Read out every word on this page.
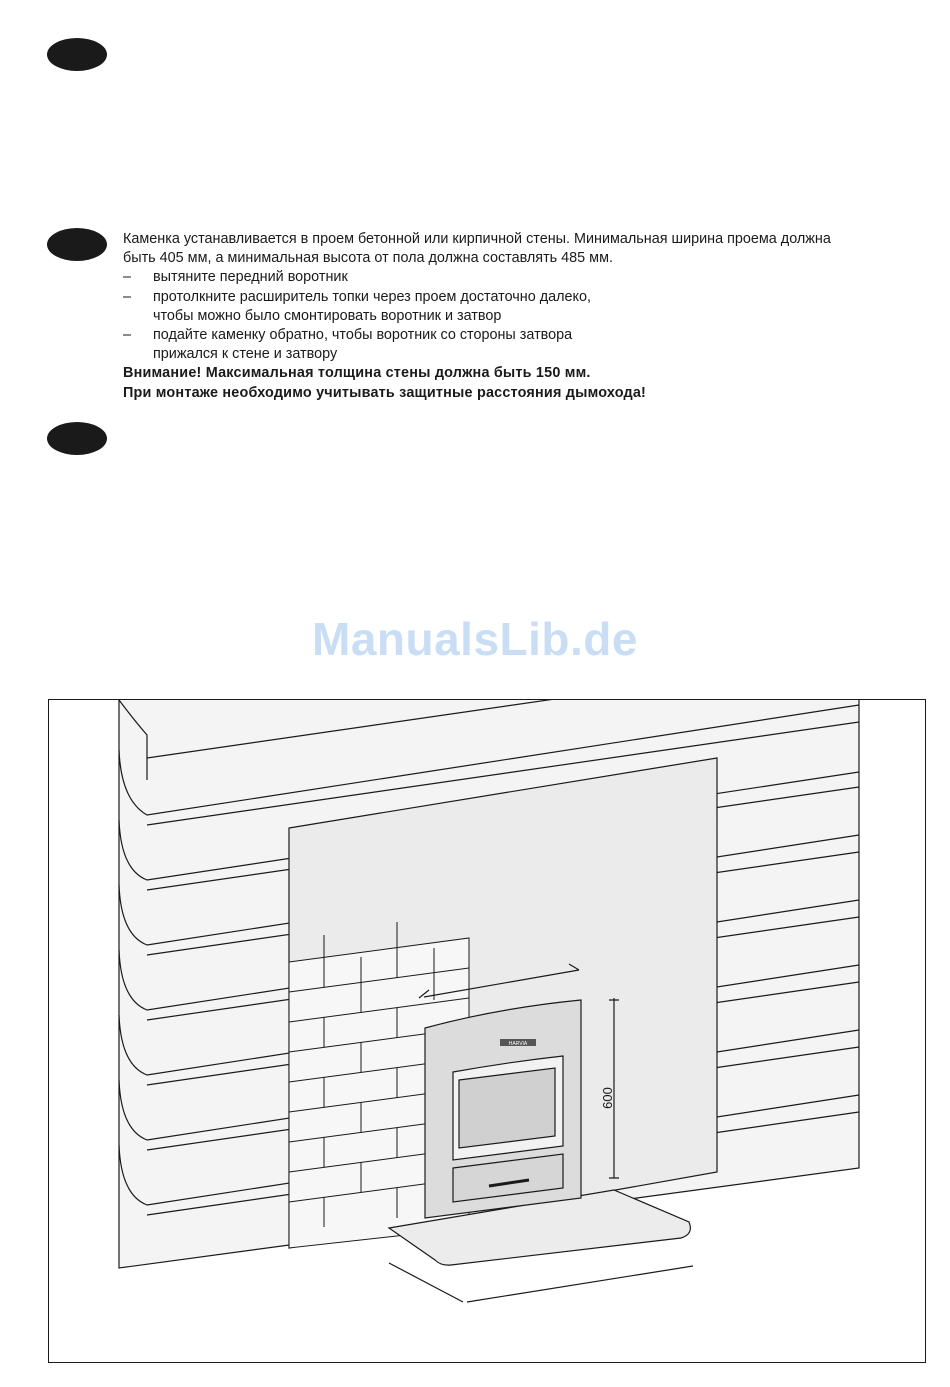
Каменка устанавливается в проем бетонной или кирпичной стены. Минимальная ширина проема должна

быть 405 мм, а минимальная высота от пола должна составлять 485 мм.

–	вытяните передний воротник

–	протолкните расширитель топки через проем достаточно далеко,

чтобы можно было смонтировать воротник и затвор

–	подайте каменку обратно, чтобы воротник со стороны затвора

прижался к стене и затвору

Внимание! Максимальная толщина стены должна быть 150 мм.

При монтаже необходимо учитывать защитные расстояния дымохода!

ManualsLib.de
HARVIA
600
